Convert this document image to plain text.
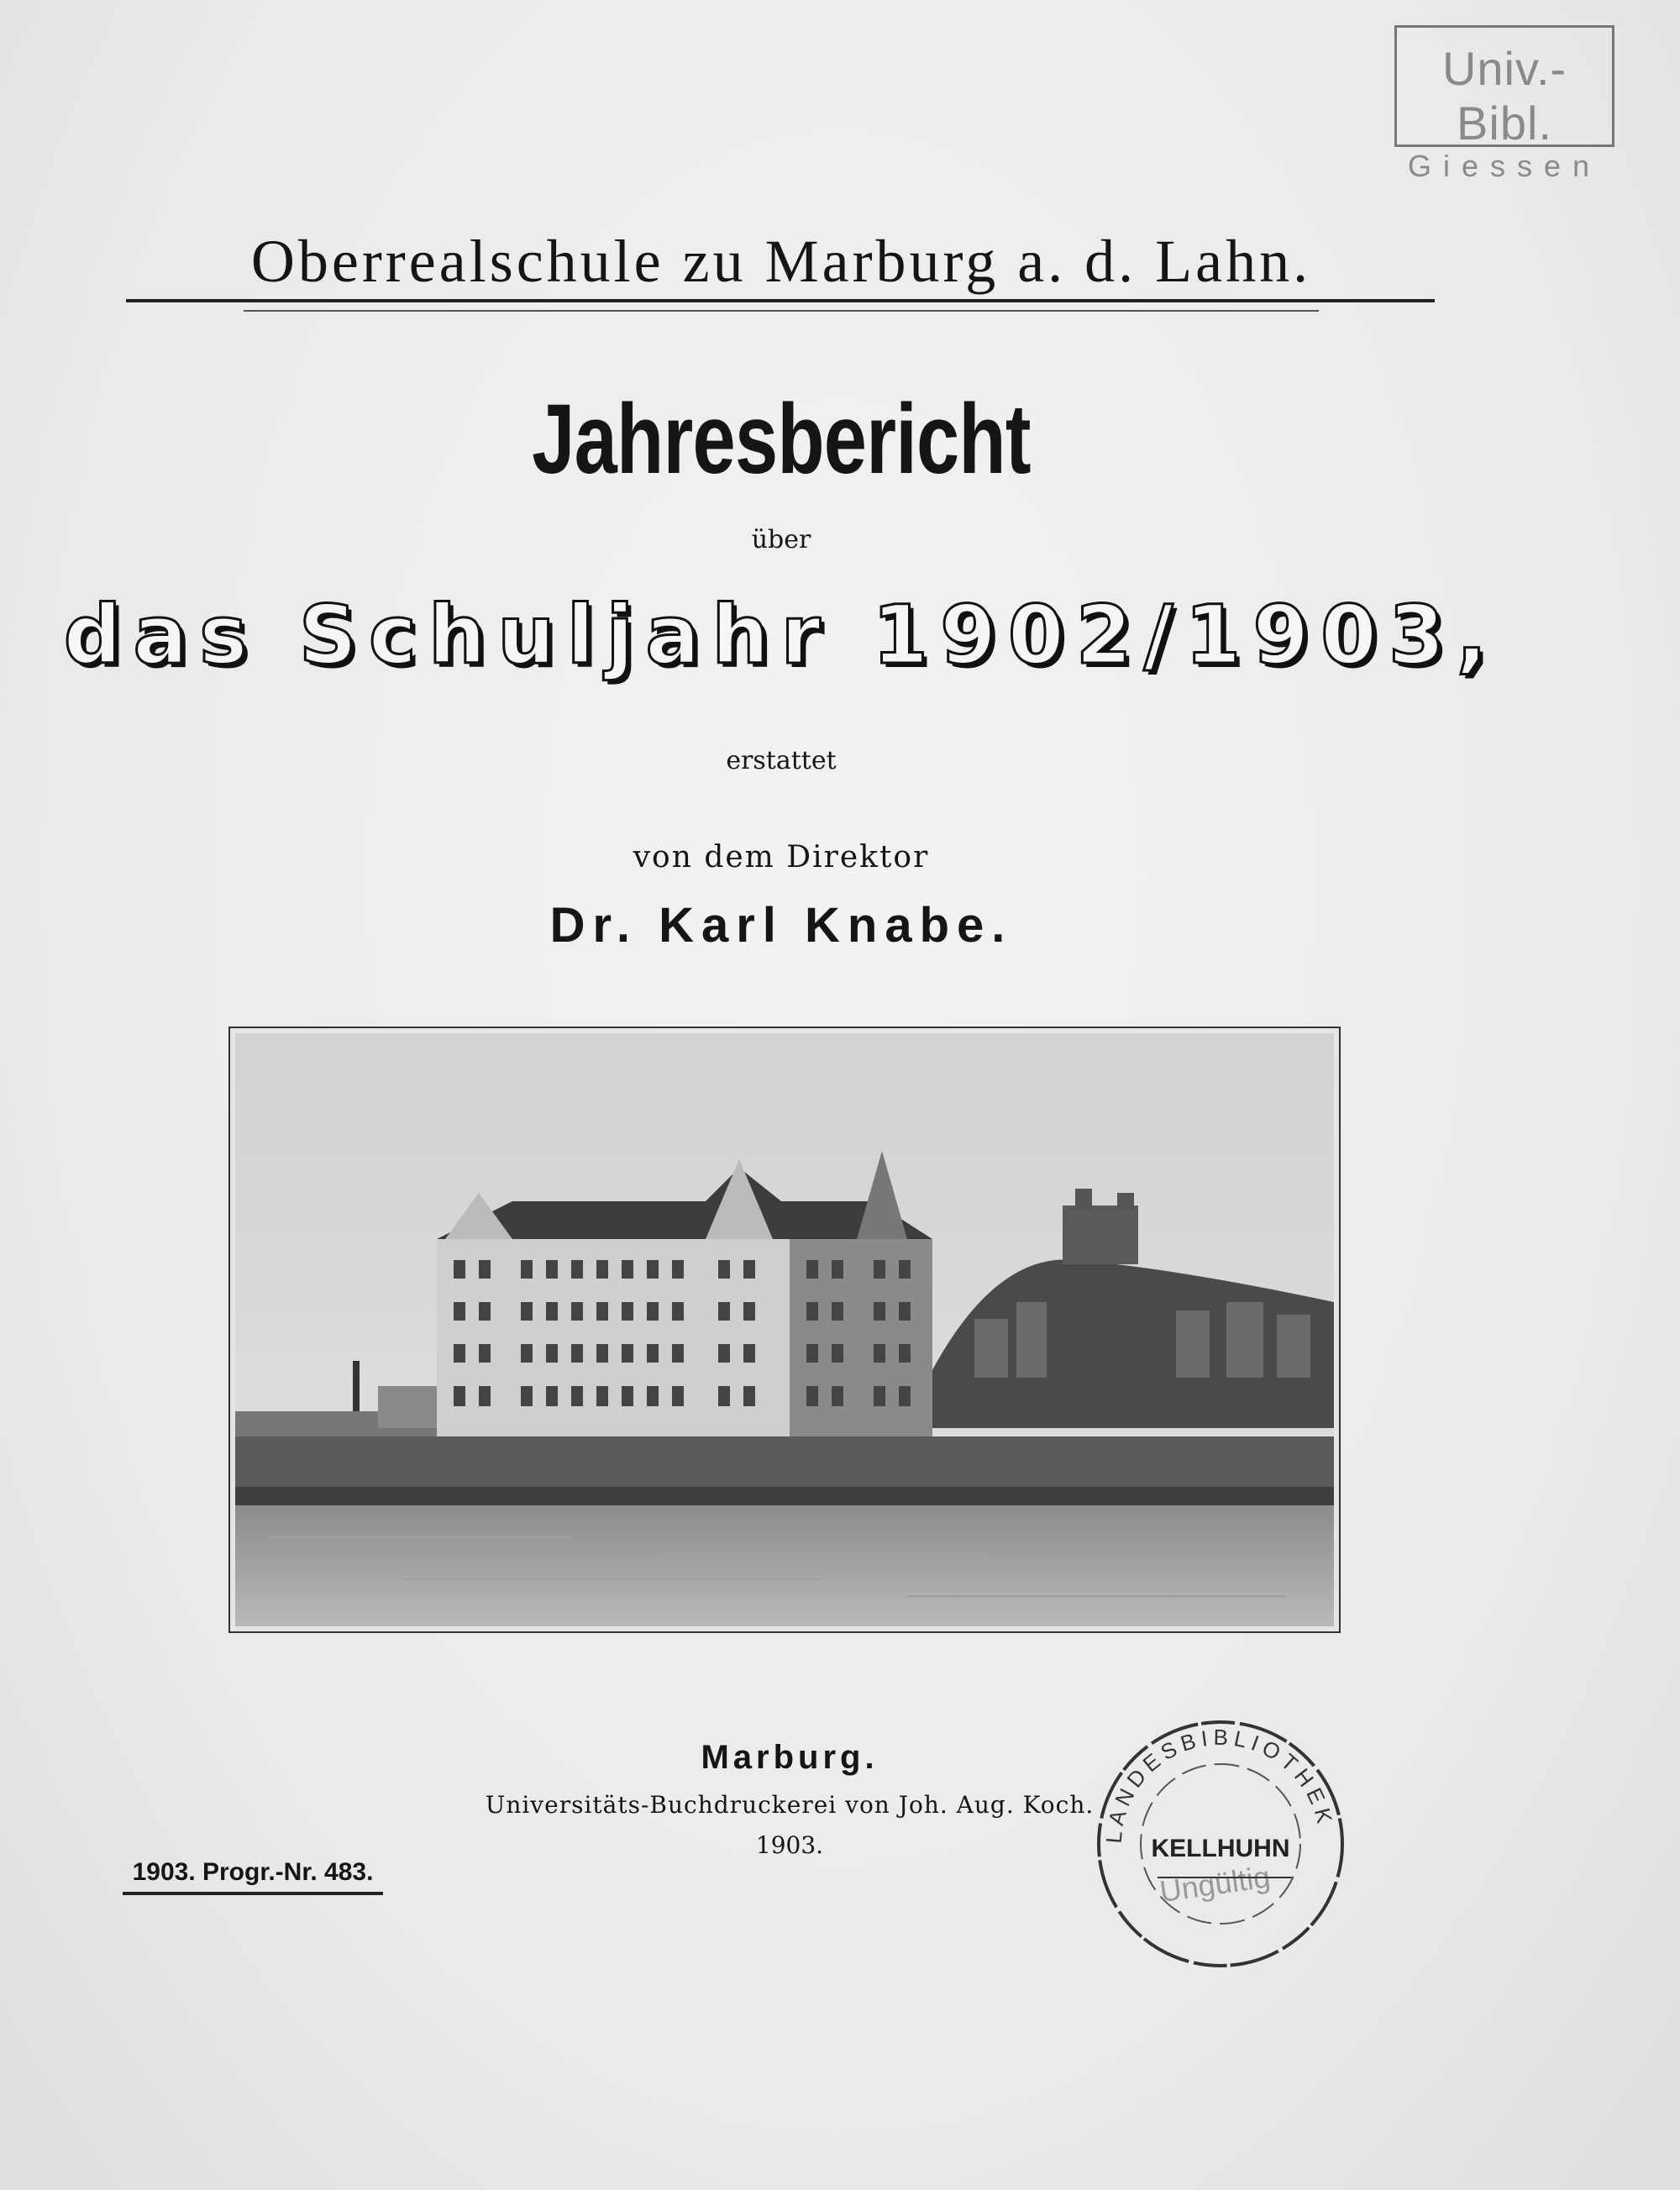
Univ.-Bibl.
Giessen
Oberrealschule zu Marburg a. d. Lahn.
Jahresbericht
über
das Schuljahr 1902/1903,
erstattet
von dem Direktor
Dr. Karl Knabe.
Marburg.
Universitäts-Buchdruckerei von Joh. Aug. Koch.
1903.
1903. Progr.-Nr. 483.
LANDESBIBLIOTHEK
KELLHUHN
Ungültig
